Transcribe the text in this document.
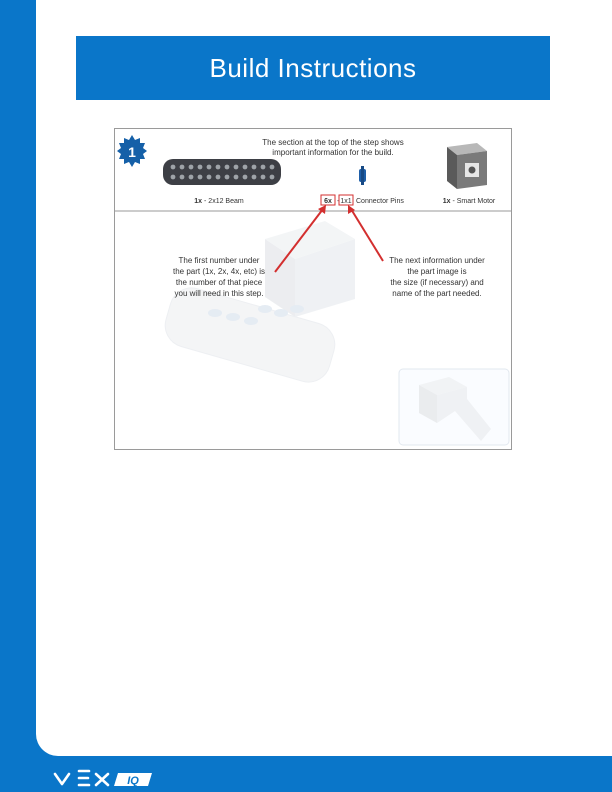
Build Instructions
1
The section at the top of the step shows
important information for the build.
1x - 2x12 Beam	6x - 1x1 Connector Pins	1x - Smart Motor
The first number under
the part (1x, 2x, 4x, etc) is
the number of that piece
you will need in this step.
The next information under
the part image is
the size (if necessary) and
name of the part needed.
IQ
